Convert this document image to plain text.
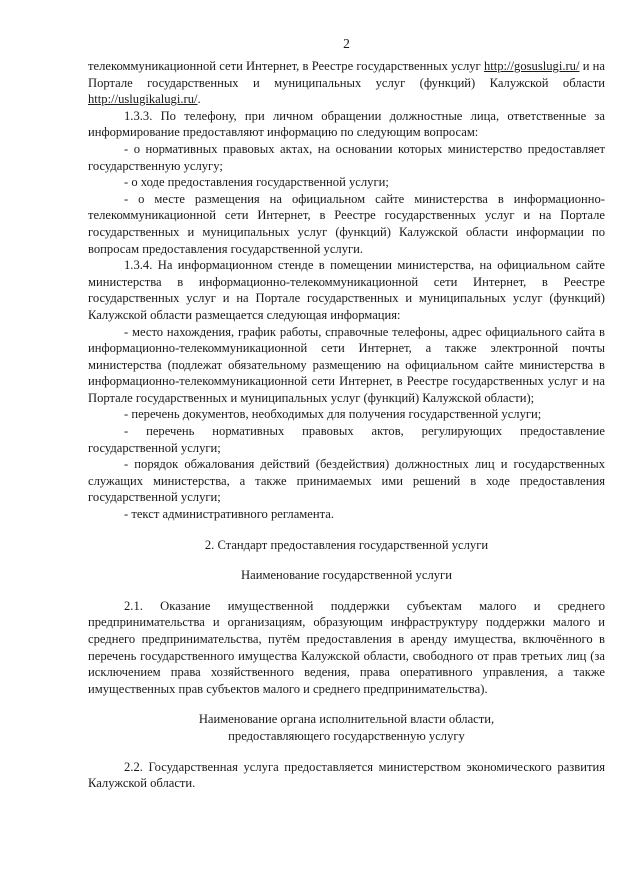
2

телекоммуникационной сети Интернет, в Реестре государственных услуг http://gosuslugi.ru/ и на Портале государственных и муниципальных услуг (функций) Калужской области http://uslugikalugi.ru/.

1.3.3. По телефону, при личном обращении должностные лица, ответственные за информирование предоставляют информацию по следующим вопросам:

- о нормативных правовых актах, на основании которых министерство предоставляет государственную услугу;

- о ходе предоставления государственной услуги;

- о месте размещения на официальном сайте министерства в информационно-телекоммуникационной сети Интернет, в Реестре государственных услуг и на Портале государственных и муниципальных услуг (функций) Калужской области информации по вопросам предоставления государственной услуги.

1.3.4. На информационном стенде в помещении министерства, на официальном сайте министерства в информационно-телекоммуникационной сети Интернет, в Реестре государственных услуг и на Портале государственных и муниципальных услуг (функций) Калужской области размещается следующая информация:

- место нахождения, график работы, справочные телефоны, адрес официального сайта в информационно-телекоммуникационной сети Интернет, а также электронной почты министерства (подлежат обязательному размещению на официальном сайте министерства в информационно-телекоммуникационной сети Интернет, в Реестре государственных услуг и на Портале государственных и муниципальных услуг (функций) Калужской области);

- перечень документов, необходимых для получения государственной услуги;

- перечень нормативных правовых актов, регулирующих предоставление государственной услуги;

- порядок обжалования действий (бездействия) должностных лиц и государственных служащих министерства, а также принимаемых ими решений в ходе предоставления государственной услуги;

- текст административного регламента.

2. Стандарт предоставления государственной услуги

Наименование государственной услуги

2.1. Оказание имущественной поддержки субъектам малого и среднего предпринимательства и организациям, образующим инфраструктуру поддержки малого и среднего предпринимательства, путём предоставления в аренду имущества, включённого в перечень государственного имущества Калужской области, свободного от прав третьих лиц (за исключением права хозяйственного ведения, права оперативного управления, а также имущественных прав субъектов малого и среднего предпринимательства).

Наименование органа исполнительной власти области,

предоставляющего государственную услугу

2.2. Государственная услуга предоставляется министерством экономического развития Калужской области.
